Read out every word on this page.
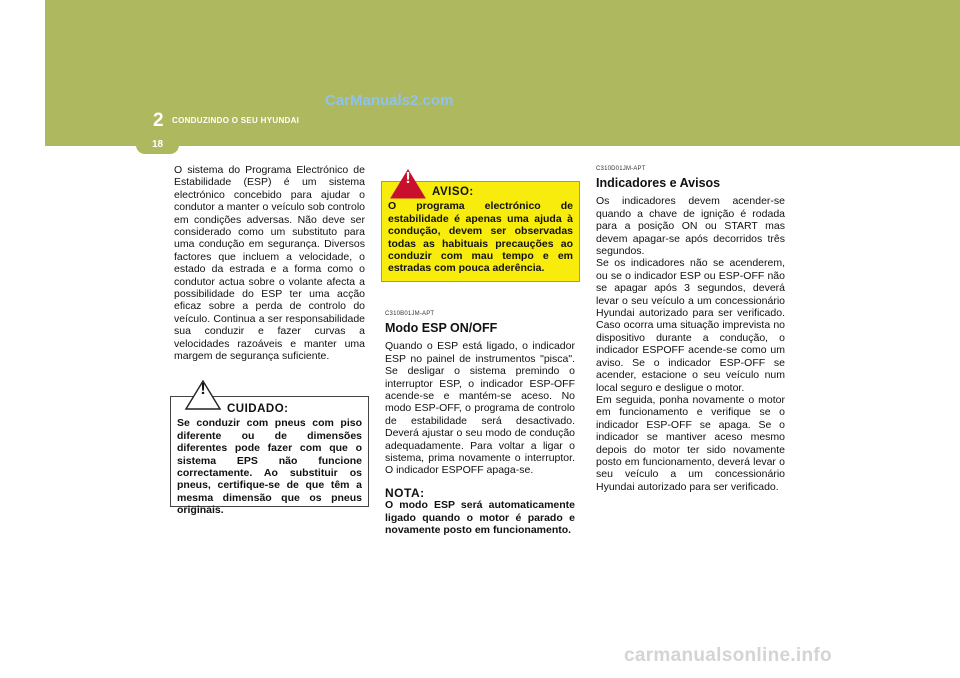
2 CONDUZINDO O SEU HYUNDAI
CarManuals2.com
18

O sistema do Programa Electrónico de Estabilidade (ESP) é um sistema electrónico concebido para ajudar o condutor a manter o veículo sob controlo em condições adversas. Não deve ser considerado como um substituto para uma condução em segurança. Diversos factores que incluem a velocidade, o estado da estrada e a forma como o condutor actua sobre o volante afecta a possibilidade do ESP ter uma acção eficaz sobre a perda de controlo do veículo. Continua a ser responsabilidade sua conduzir e fazer curvas a velocidades razoáveis e manter uma margem de segurança suficiente.

!
CUIDADO:
Se conduzir com pneus com piso diferente ou de dimensões diferentes pode fazer com que o sistema EPS não funcione correctamente. Ao substituir os pneus, certifique-se de que têm a mesma dimensão que os pneus originais.
!
AVISO:
O programa electrónico de estabilidade é apenas uma ajuda à condução, devem ser observadas todas as habituais precauções ao conduzir com mau tempo e em estradas com pouca aderência.
C310B01JM-APT
Modo ESP ON/OFF

Quando o ESP está ligado, o indicador ESP no painel de instrumentos "pisca". Se desligar o sistema premindo o interruptor ESP, o indicador ESP-OFF acende-se e mantém-se aceso. No modo ESP-OFF, o programa de controlo de estabilidade será desactivado. Deverá ajustar o seu modo de condução adequadamente. Para voltar a ligar o sistema, prima novamente o interruptor. O indicador ESPOFF apaga-se.

NOTA:

O modo ESP será automaticamente ligado quando o motor é parado e novamente posto em funcionamento.

C310D01JM-APT
Indicadores e Avisos

Os indicadores devem acender-se quando a chave de ignição é rodada para a posição ON ou START mas devem apagar-se após decorridos três segundos.

Se os indicadores não se acenderem, ou se o indicador ESP ou ESP-OFF não se apagar após 3 segundos, deverá levar o seu veículo a um concessionário Hyundai autorizado para ser verificado. Caso ocorra uma situação imprevista no dispositivo durante a condução, o indicador ESPOFF acende-se como um aviso. Se o indicador ESP-OFF se acender, estacione o seu veículo num local seguro e desligue o motor.

Em seguida, ponha novamente o motor em funcionamento e verifique se o indicador ESP-OFF se apaga. Se o indicador se mantiver aceso mesmo depois do motor ter sido novamente posto em funcionamento, deverá levar o seu veículo a um concessionário Hyundai autorizado para ser verificado.

carmanualsonline.info
